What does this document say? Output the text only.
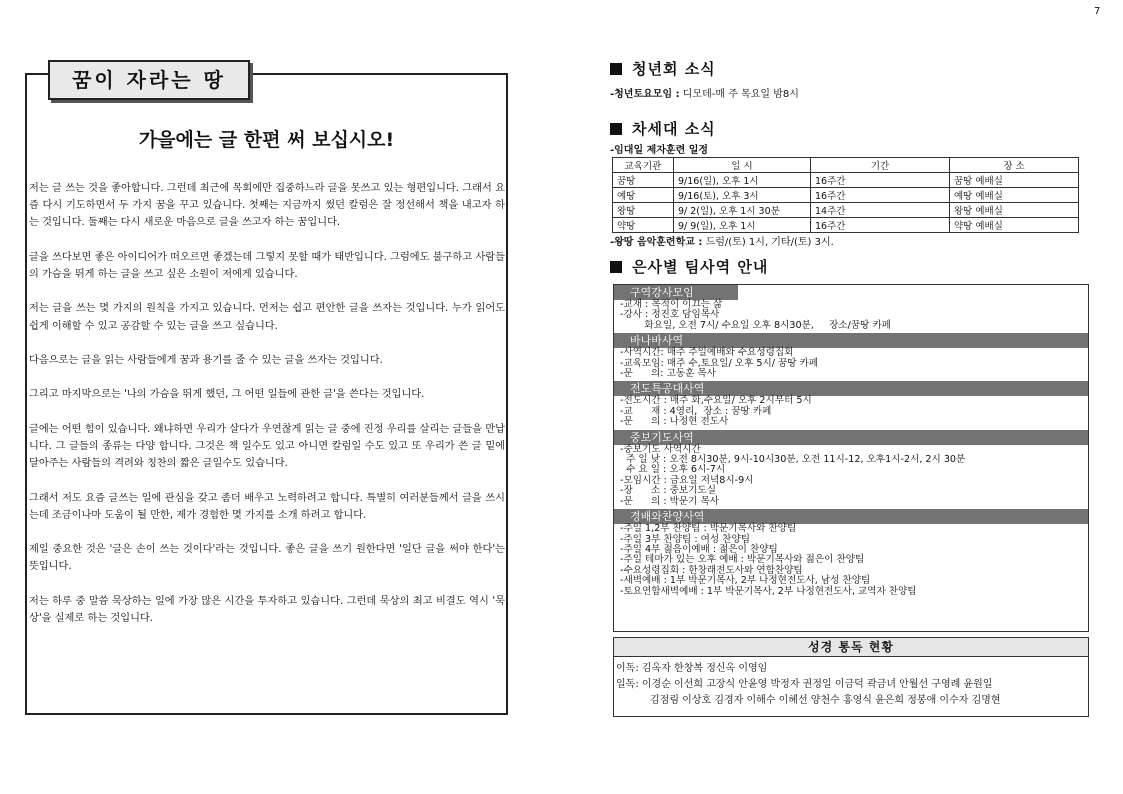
7
꿈이 자라는 땅
가을에는 글 한편 써 보십시오!

저는 글 쓰는 것을 좋아합니다. 그런데 최근에 목회에만 집중하느라 글을 못쓰고 있는 형편입니다. 그래서 요즘 다시 기도하면서 두 가지 꿈을 꾸고 있습니다. 첫째는 지금까지 썼던 칼럼은 잘 정선해서 책을 내고자 하는 것입니다. 둘째는 다시 새로운 마음으로 글을 쓰고자 하는 꿈입니다.

글을 쓰다보면 좋은 아이디어가 떠오르면 좋겠는데 그렇지 못할 때가 태반입니다. 그럼에도 불구하고 사람들의 가슴을 뛰게 하는 글을 쓰고 싶은 소원이 저에게 있습니다.

저는 글을 쓰는 몇 가지의 원칙을 가지고 있습니다. 먼저는 쉽고 편안한 글을 쓰자는 것입니다. 누가 읽어도 쉽게 이해할 수 있고 공감할 수 있는 글을 쓰고 싶습니다.

다음으로는 글을 읽는 사람들에게 꿈과 용기를 줄 수 있는 글을 쓰자는 것입니다.

그리고 마지막으로는 '나의 가슴을 뛰게 했던, 그 어떤 일들에 관한 글'을 쓴다는 것입니다.

글에는 어떤 힘이 있습니다. 왜냐하면 우리가 살다가 우연찮게 읽는 글 중에 진정 우리를 살리는 글들을 만납니다. 그 글들의 종류는 다양 합니다. 그것은 책 일수도 있고 아니면 칼럼일 수도 있고 또 우리가 쓴 글 밑에 달아주는 사람들의 격려와 칭찬의 짧은 글일수도 있습니다.

그래서 저도 요즘 글쓰는 일에 관심을 갖고 좀더 배우고 노력하려고 합니다. 특별히 여러분들께서 글을 쓰시는데 조금이나마 도움이 될 만한, 제가 경험한 몇 가지를 소개 하려고 합니다.

제일 중요한 것은 '글은 손이 쓰는 것이다'라는 것입니다. 좋은 글을 쓰기 원한다면 '일단 글을 써야 한다'는 뜻입니다.

저는 하루 중 말씀 묵상하는 일에 가장 많은 시간을 투자하고 있습니다. 그런데 묵상의 최고 비결도 역시 '묵상'을 실제로 하는 것입니다.

청년회 소식
-청년토요모임 : 디모데-매 주 목요일 밤8시
차세대 소식
-임대일 제자훈련 일정
교육기관	일 시	기간	장 소
꿈땅	9/16(일), 오후 1시	16주간	꿈땅 예배실
예땅	9/16(토), 오후 3시	16주간	예땅 예배실
왕땅	9/ 2(일), 오후 1시 30분	14주간	왕땅 예배실
약땅	9/ 9(일), 오후 1시	16주간	약땅 예배실
-왕땅 음악훈련학교 : 드럼/(토) 1시, 기타/(토) 3시.
은사별 팀사역 안내
구역강사모임
-교재 : 목적이 이끄는 삶
-강사 : 정진호 담임목사
화요일, 오전 7시/ 수요일 오후 8시30분,     장소/꿈땅 카페
바나바사역
-사역시간: 매주 주일예배와 수요성령집회
-교육모임: 매주 수,토요일/ 오후 5시/ 꿈땅 카페
-문      의: 고동훈 목사
전도특공대사역
-전도시간 : 매주 화,수요일/ 오후 2시부터 5시
-교      재 : 4영리,  장소 : 꿈땅 카페
-문      의 : 나정현 전도사
중보기도사역
-중보기도 사역시간
주 일 낮 : 오전 8시30분, 9시-10시30분, 오전 11시-12, 오후1시-2시, 2시 30분
수 요 일 : 오후 6시-7시
-모임시간 : 금요일 저녁8시-9시
-장      소 : 중보기도실
-문      의 : 박문기 목사
경배와찬양사역
-주일 1,2부 찬양팀 : 박문기목사와 찬양팀
-주일 3부 찬양팀 : 여성 찬양팀
-주일 4부 젊음이예배 : 젊은이 찬양팀
-주일 테마가 있는 오후 예배 : 박문기목사와 젊은이 찬양팀
-수요성령집회 : 한창래전도사와 연합찬양팀
-새벽예배 : 1부 박문기목사, 2부 나정현전도사, 남성 찬양팀
-토요연합새벽예배 : 1부 박문기목사, 2부 나정현전도사, 교역자 찬양팀
성경 통독 현황
이독: 김옥자 한창복 정신옥 이영임
일독: 이경순 이선희 고장식 안윤영 박정자 권정일 이금덕 곽금녀 안월선 구영례 윤원일
김점림 이상호 김경자 이해수 이혜선 양천수 홍영식 윤은희 정봉애 이수자 김명현
